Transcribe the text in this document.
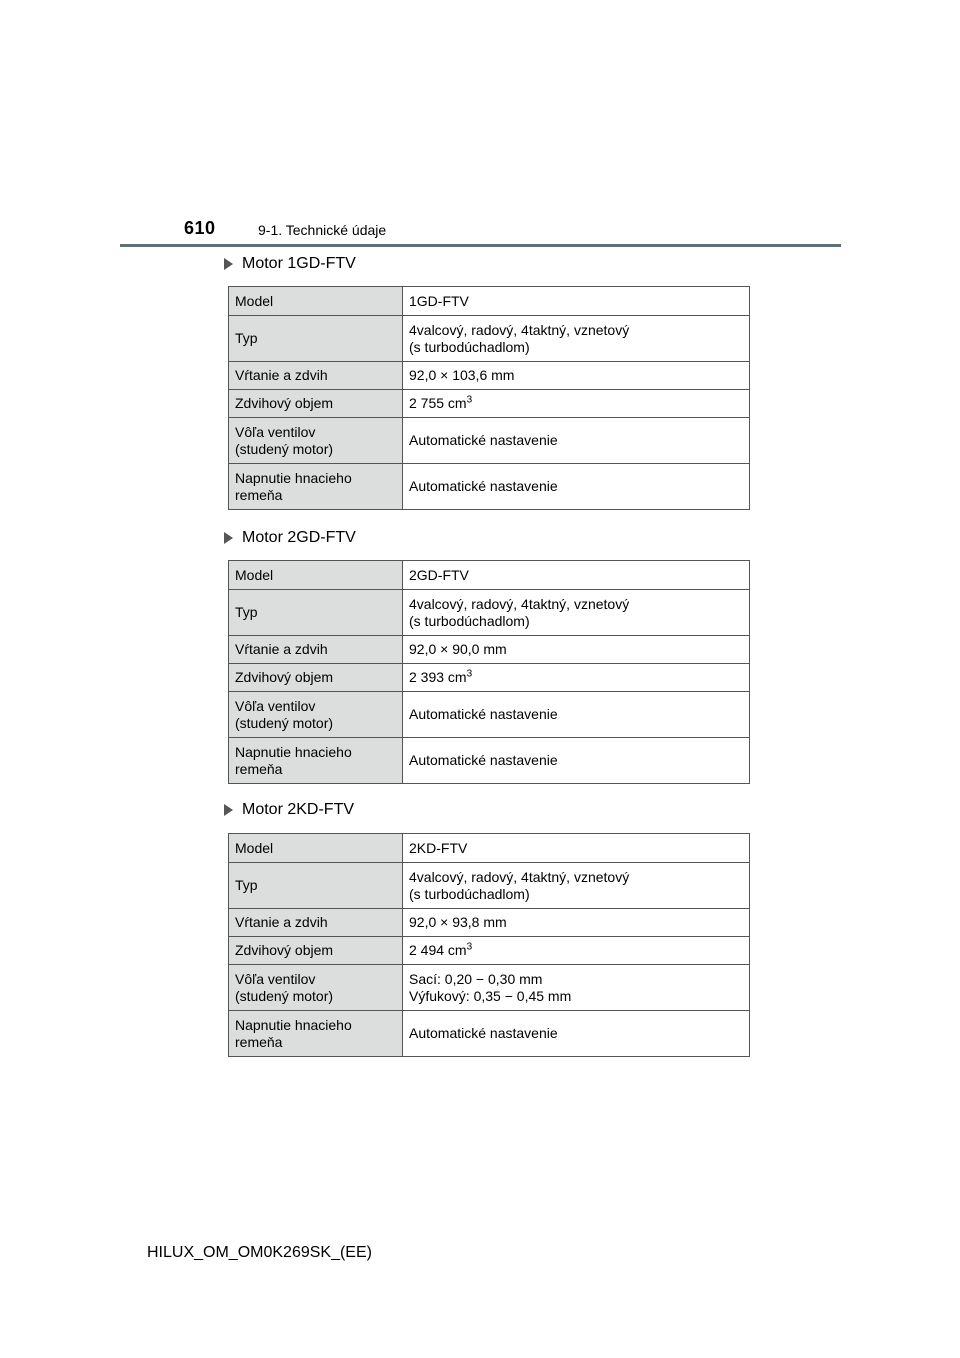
610	9-1. Technické údaje
Motor 1GD-FTV
Model	1GD-FTV
Typ	4valcový, radový, 4taktný, vznetový
(s turbodúchadlom)
Vŕtanie a zdvih	92,0 × 103,6 mm
Zdvihový objem	2 755 $cm^3$
Vôľa ventilov
(studený motor)	Automatické nastavenie
Napnutie hnacieho
remeňa	Automatické nastavenie
Motor 2GD-FTV
Model	2GD-FTV
Typ	4valcový, radový, 4taktný, vznetový
(s turbodúchadlom)
Vŕtanie a zdvih	92,0 × 90,0 mm
Zdvihový objem	2 393 $cm^3$
Vôľa ventilov
(studený motor)	Automatické nastavenie
Napnutie hnacieho
remeňa	Automatické nastavenie
Motor 2KD-FTV
Model	2KD-FTV
Typ	4valcový, radový, 4taktný, vznetový
(s turbodúchadlom)
Vŕtanie a zdvih	92,0 × 93,8 mm
Zdvihový objem	2 494 $cm^3$
Vôľa ventilov
(studený motor)	Sací: 0,20 − 0,30 mm
Výfukový: 0,35 − 0,45 mm
Napnutie hnacieho
remeňa	Automatické nastavenie
HILUX_OM_OM0K269SK_(EE)
